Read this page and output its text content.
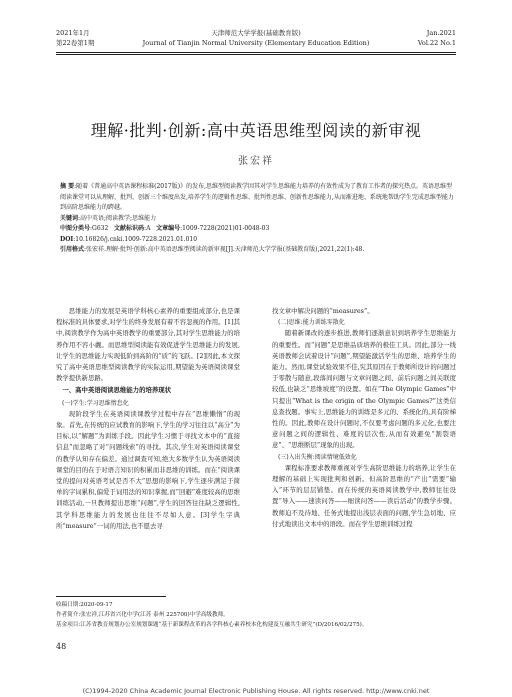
2021年1月
第22卷第1期
天津师范大学学报(基础教育版)
Journal of Tianjin Normal University (Elementary Education Edition)
Jan.2021
Vol.22 No.1
理解·批判·创新:高中英语思维型阅读的新审视
张宏祥

摘 要:随着《普通高中英语课程标准(2017版)》的发布,思维型阅读教学因其对学生思维能力培养的有效性成为了教育工作者的探究热点。英语思维型阅读课堂可以从理解、批判、创新三个维度出发,培养学生的逻辑性思维、批判性思维、创新性思维能力,从而渐进地、系统地帮助学生完成思维型能力到高阶思维能力的跨越。

关键词:高中英语;阅读教学;思维能力

中图分类号:G632 文献标识码:A 文章编号:1009-7228(2021)01-0048-03

DOI:10.16826/j.cnki.1009-7228.2021.01.010

引用格式:张宏祥.理解·批判·创新:高中英语思维型阅读的新审视[J].天津师范大学学报(基础教育版),2021,22(1):48.

思维能力的发展是英语学科核心素养的重要组成部分,也是课程标准的具体要求,对学生的终身发展有着不容忽视的作用。[1]其中,阅读教学作为高中英语教学的重要部分,其对学生思维能力的培养作用不容小觑。而思维型阅读能有效促进学生思维能力的发展,让学生的思维能力实现低阶到高阶的“质”的飞跃。[2]因此,本文探究了高中英语思维型阅读教学的实际运用,期望能为英语阅读课堂教学提供新思路。

一、高中英语阅读思维能力的培养现状
(一)学生:学习思维惰怠化

现阶段学生在英语阅读课教学过程中存在“思维懒惰”的现象。首先,在传统的应试教育的影响下,学生的学习往往以“高分”为目标,以“解题”为训练手段。因此学生习惯于寻找文本中的“直接信息”而忽略了对“问题线索”的寻找。其次,学生对英语阅读课堂的教学认知存在偏差。通过调查可知,绝大多数学生认为英语阅读课堂的目的在于对语言知识的积累而非思维的训练。而在“阅读课堂的提问对英语考试是否不大”思想的影响下,学生逐步满足于简单的字词累积,偏爱于词用法的知识掌握,而“回避”难度较高的思维训练活动,一旦教师提出思维“问题”,学生的回答往往缺乏逻辑性,其学科思维能力的发展也往往不尽如人意。[3]学生字典所“measure”一词的用法,也不愿去寻

找文章中解决问题的“measures”。

(二)思维:能力训练零散化

随着新课改的逐步推进,教师们逐渐意识到培养学生思维能力的重要性。而“问题”是思维品质培养的极佳工具。因此,部分一线英语教师会试着设计“问题”,期望能激活学生的思维、培养学生的能力。然而,课堂试验效果不佳,究其原因在于教师所设计的问题过于零散与随意,段落间问题与文章问题之间、前后问题之间关联度较低,也缺乏“思维坡度”的设置。如在“The Olympic Games”中只提出“What is the origin of the Olympic Games?”这类信息查找题。事实上,思维能力的训练是多元的、系统化的,具有阶梯性的。因此,教师在设计问题时,不仅要考虑问题的多元化,也要注意问题之间的逻辑性、难度的层次性,从而有效避免“割裂语意”、“思维断层”现象的出现。

(三)入出失衡:阅读情境低效化

课程标准要求教师重视对学生高阶思维能力的培养,让学生在理解的基础上实现批判和创新。但高阶思维的“产出”需要“输入”环节的层层铺垫。而在传统的英语阅读教学中,教师往往设置“导入——速读问答——细读问答——读后活动”的教学步骤。教师迫不及待地、任务式地提出浅层表面的问题,学生急切地、应付式地读出文本中的语段。而在学生思维训练过程

收稿日期:2020-09-17

作者简介:张宏祥,江苏省兴化中学(江苏 泰州 225700)中学高级教师。

基金项目:江苏省教育规划办公室规划课题“基于新课程改革的各学科核心素养校本化构建及互融共生研究”(D/2016/02/275)。

48
(C)1994-2020 China Academic Journal Electronic Publishing House. All rights reserved. http://www.cnki.net
